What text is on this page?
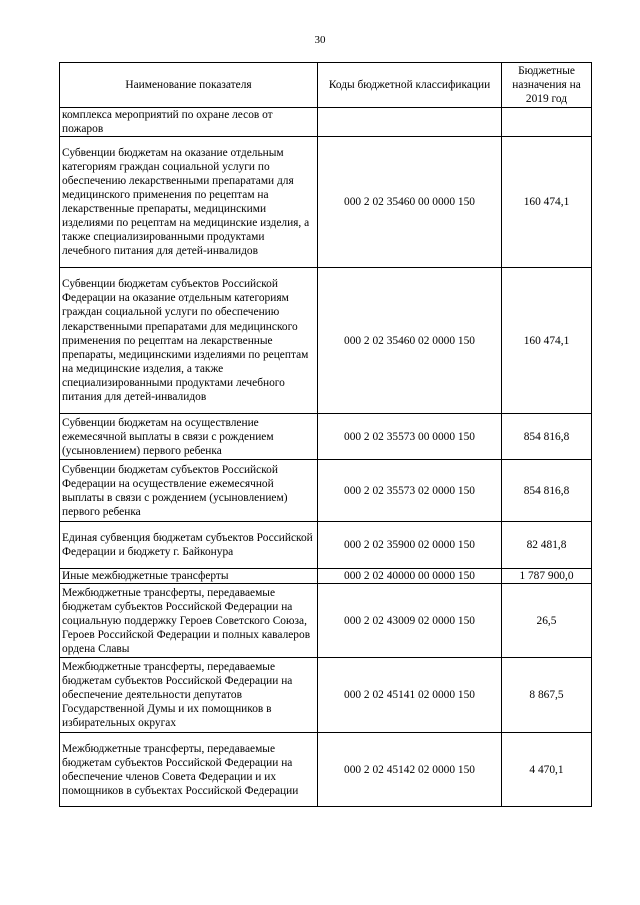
30
Наименование показателя	Коды бюджетной классификации	Бюджетные назначения на 2019 год
комплекса мероприятий по охране лесов от пожаров		
Субвенции бюджетам на оказание отдельным категориям граждан социальной услуги по обеспечению лекарственными препаратами для медицинского применения по рецептам на лекарственные препараты, медицинскими изделиями по рецептам на медицинские изделия, а также специализированными продуктами лечебного питания для детей-инвалидов	000 2 02 35460 00 0000 150	160 474,1
Субвенции бюджетам субъектов Российской Федерации на оказание отдельным категориям граждан социальной услуги по обеспечению лекарственными препаратами для медицинского применения по рецептам на лекарственные препараты, медицинскими изделиями по рецептам на медицинские изделия, а также специализированными продуктами лечебного питания для детей-инвалидов	000 2 02 35460 02 0000 150	160 474,1
Субвенции бюджетам на осуществление ежемесячной выплаты в связи с рождением (усыновлением) первого ребенка	000 2 02 35573 00 0000 150	854 816,8
Субвенции бюджетам субъектов Российской Федерации на осуществление ежемесячной выплаты в связи с рождением (усыновлением) первого ребенка	000 2 02 35573 02 0000 150	854 816,8
Единая субвенция бюджетам субъектов Российской Федерации и бюджету г. Байконура	000 2 02 35900 02 0000 150	82 481,8
Иные межбюджетные трансферты	000 2 02 40000 00 0000 150	1 787 900,0
Межбюджетные трансферты, передаваемые бюджетам субъектов Российской Федерации на социальную поддержку Героев Советского Союза, Героев Российской Федерации и полных кавалеров ордена Славы	000 2 02 43009 02 0000 150	26,5
Межбюджетные трансферты, передаваемые бюджетам субъектов Российской Федерации на обеспечение деятельности депутатов Государственной Думы и их помощников в избирательных округах	000 2 02 45141 02 0000 150	8 867,5
Межбюджетные трансферты, передаваемые бюджетам субъектов Российской Федерации на обеспечение членов Совета Федерации и их помощников в субъектах Российской Федерации	000 2 02 45142 02 0000 150	4 470,1
